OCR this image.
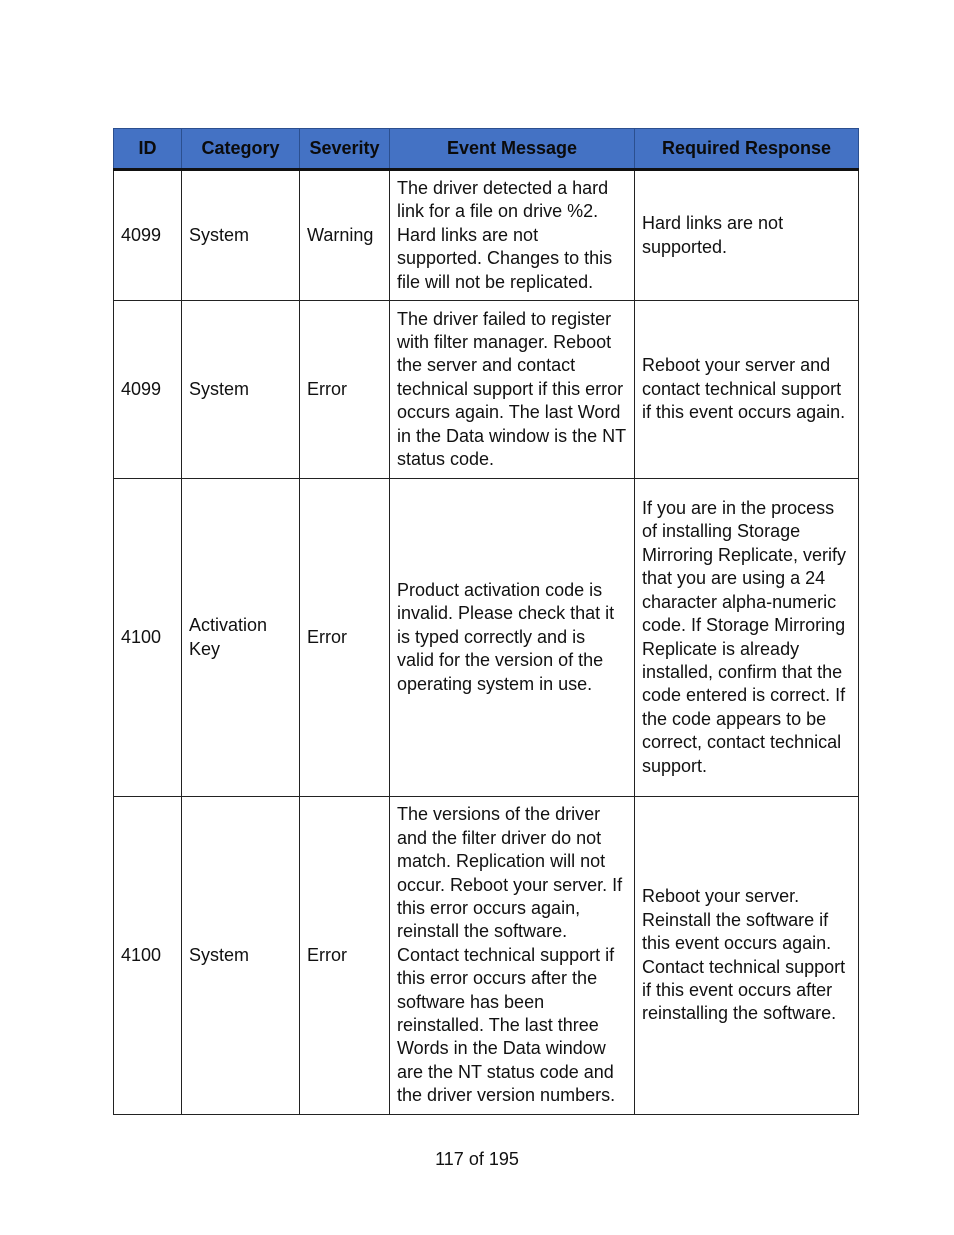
ID	Category	Severity	Event Message	Required Response
4099	System	Warning	The driver detected a hard link for a file on drive %2. Hard links are not supported. Changes to this file will not be replicated.	Hard links are not supported.
4099	System	Error	The driver failed to register with filter manager. Reboot the server and contact technical support if this error occurs again. The last Word in the Data window is the NT status code.	Reboot your server and contact technical support if this event occurs again.
4100	Activation Key	Error	Product activation code is invalid. Please check that it is typed correctly and is valid for the version of the operating system in use.	If you are in the process of installing Storage Mirroring Replicate, verify that you are using a 24 character alpha-numeric code. If Storage Mirroring Replicate is already installed, confirm that the code entered is correct. If the code appears to be correct, contact technical support.
4100	System	Error	The versions of the driver and the filter driver do not match. Replication will not occur. Reboot your server. If this error occurs again, reinstall the software. Contact technical support if this error occurs after the software has been reinstalled. The last three Words in the Data window are the NT status code and the driver version numbers.	Reboot your server. Reinstall the software if this event occurs again. Contact technical support if this event occurs after reinstalling the software.
117 of 195
